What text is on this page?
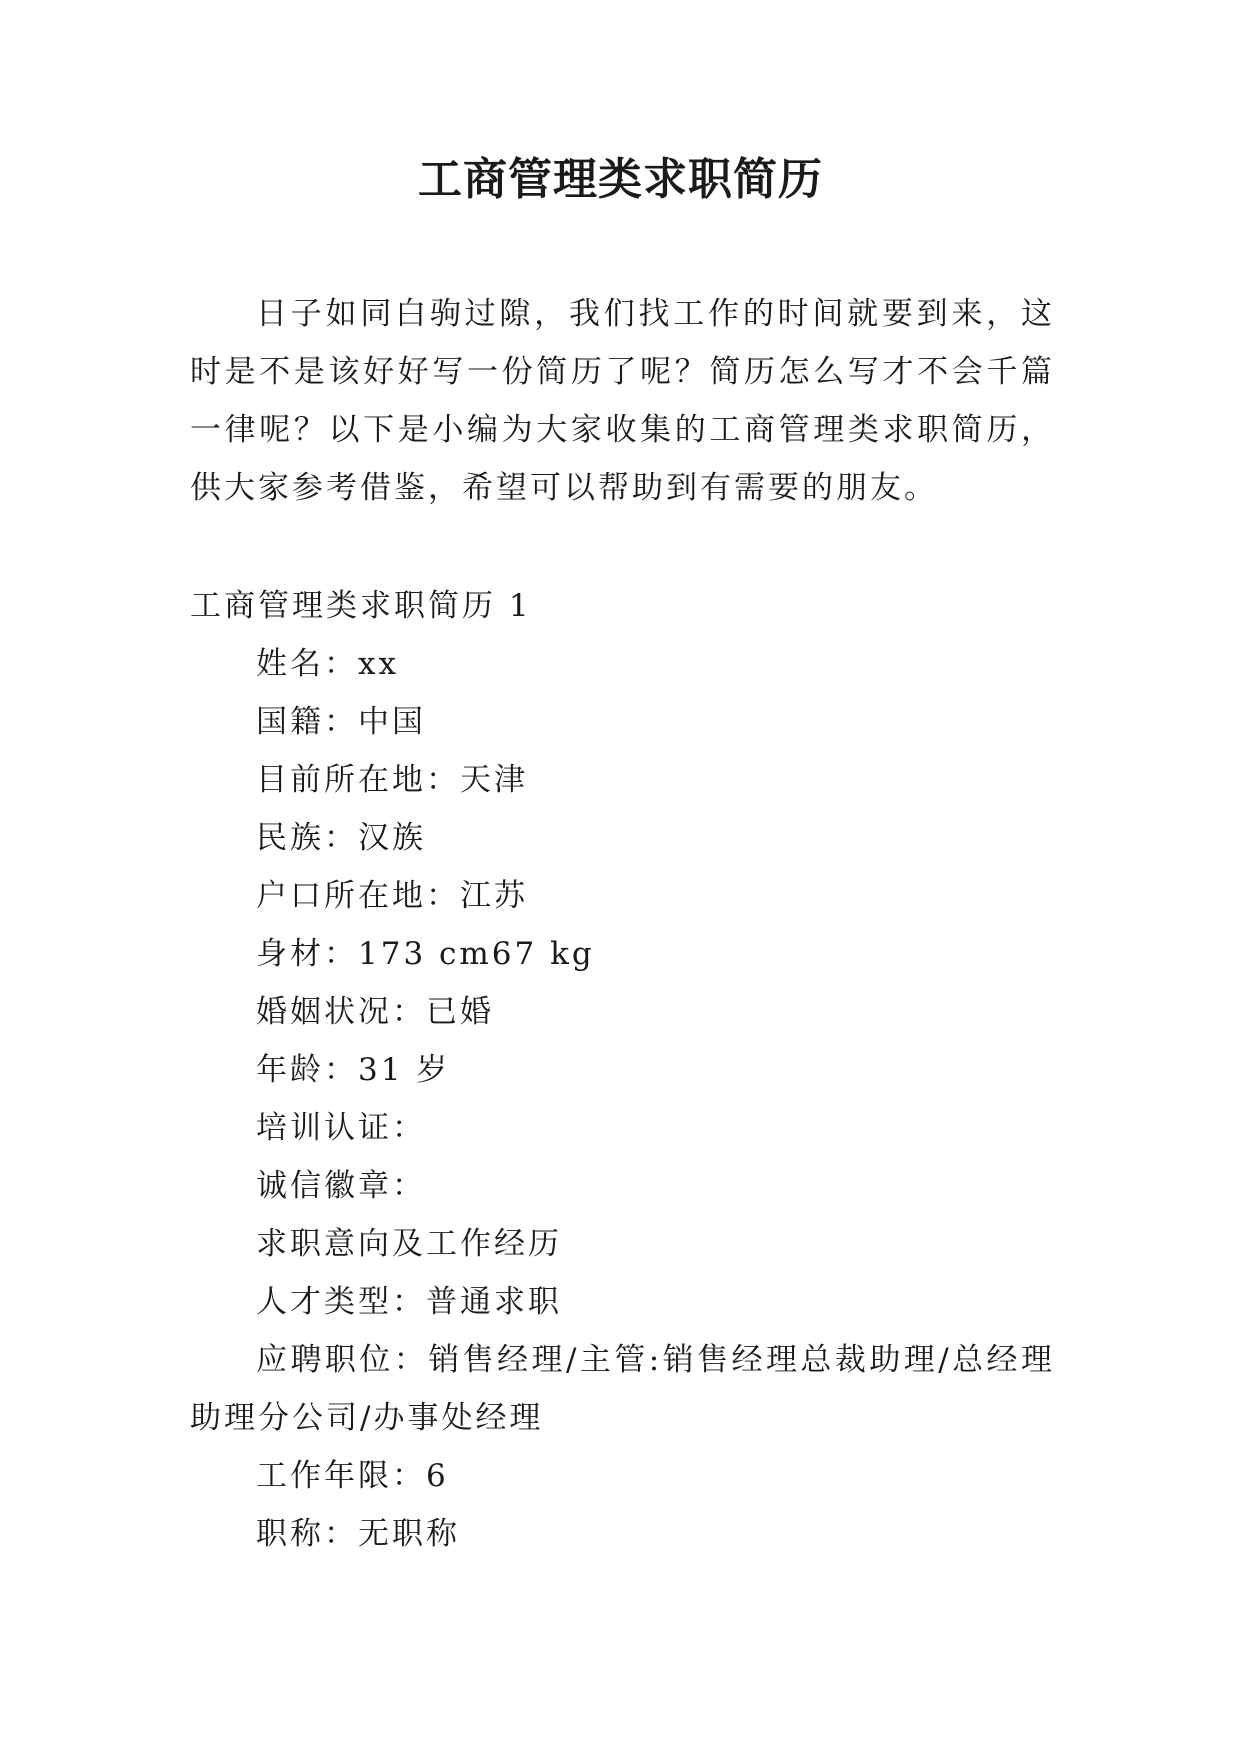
工商管理类求职简历

日子如同白驹过隙，我们找工作的时间就要到来，这时是不是该好好写一份简历了呢？简历怎么写才不会千篇一律呢？以下是小编为大家收集的工商管理类求职简历，供大家参考借鉴，希望可以帮助到有需要的朋友。

工商管理类求职简历 1
姓名：xx
国籍：中国
目前所在地：天津
民族：汉族
户口所在地：江苏
身材：173 cm67 kg
婚姻状况：已婚
年龄：31 岁
培训认证：
诚信徽章：
求职意向及工作经历
人才类型：普通求职
应聘职位：销售经理/主管:销售经理总裁助理/总经理助理分公司/办事处经理
工作年限：6
职称：无职称
